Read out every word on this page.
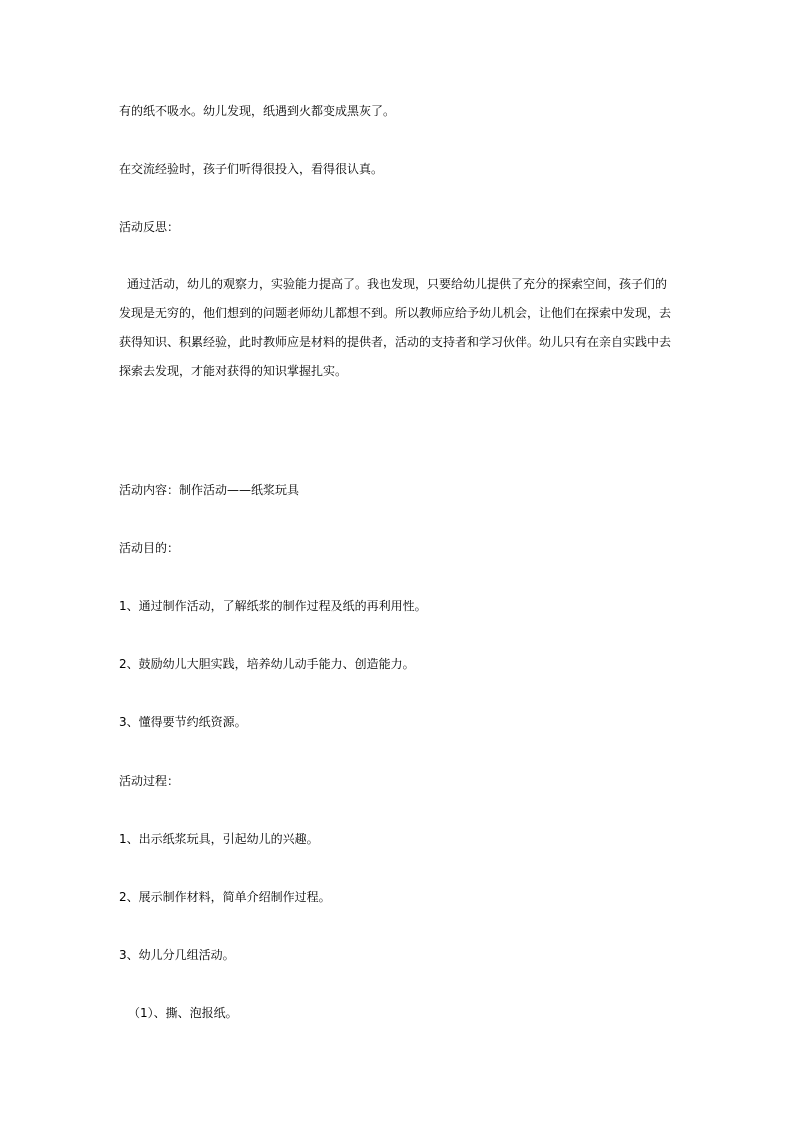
有的纸不吸水。幼儿发现，纸遇到火都变成黑灰了。
在交流经验时，孩子们听得很投入，看得很认真。
活动反思：
通过活动，幼儿的观察力，实验能力提高了。我也发现，只要给幼儿提供了充分的探索空间，孩子们的
发现是无穷的，他们想到的问题老师幼儿都想不到。所以教师应给予幼儿机会，让他们在探索中发现，去
获得知识、积累经验，此时教师应是材料的提供者，活动的支持者和学习伙伴。幼儿只有在亲自实践中去
探索去发现，才能对获得的知识掌握扎实。
活动内容：制作活动——纸浆玩具
活动目的：
1、通过制作活动，了解纸浆的制作过程及纸的再利用性。
2、鼓励幼儿大胆实践，培养幼儿动手能力、创造能力。
3、懂得要节约纸资源。
活动过程：
1、出示纸浆玩具，引起幼儿的兴趣。
2、展示制作材料，简单介绍制作过程。
3、幼儿分几组活动。
（1）、撕、泡报纸。
